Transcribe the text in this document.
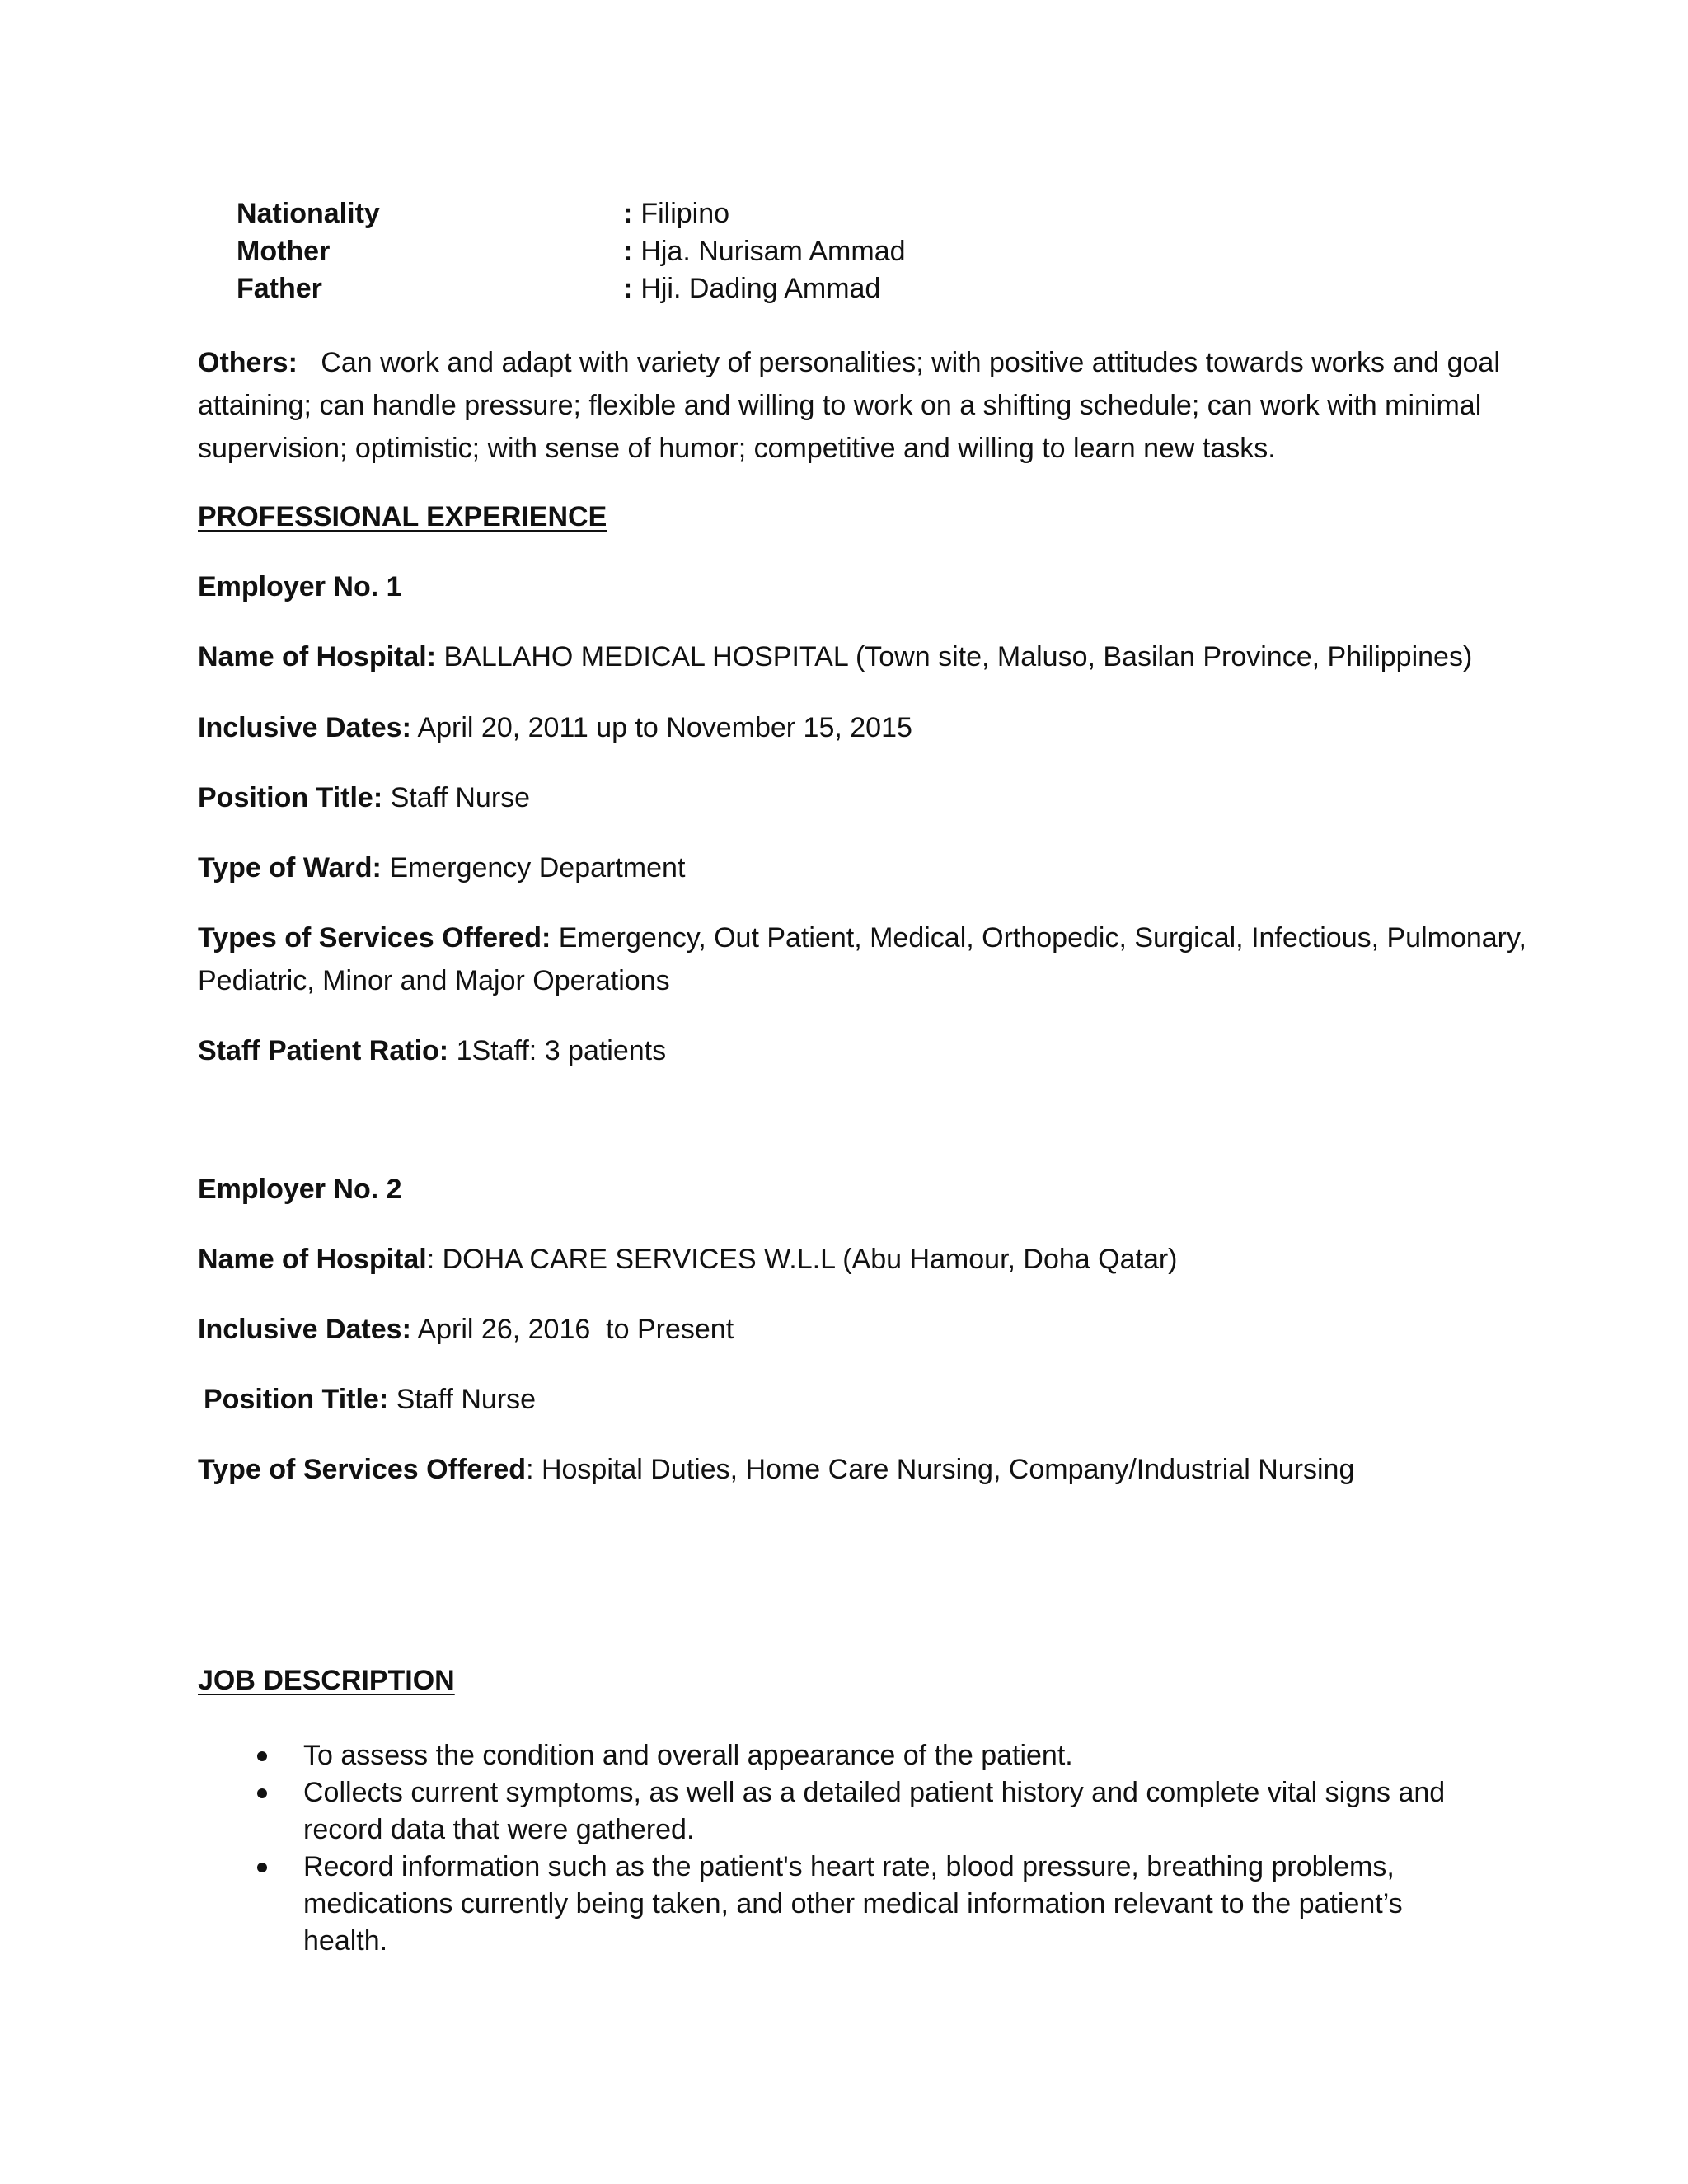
Nationality	: Filipino
Mother	: Hja. Nurisam Ammad
Father	: Hji. Dading Ammad
Others: Can work and adapt with variety of personalities; with positive attitudes towards works and goal attaining; can handle pressure; flexible and willing to work on a shifting schedule; can work with minimal supervision; optimistic; with sense of humor; competitive and willing to learn new tasks.
PROFESSIONAL EXPERIENCE
Employer No. 1
Name of Hospital: BALLAHO MEDICAL HOSPITAL (Town site, Maluso, Basilan Province, Philippines)
Inclusive Dates: April 20, 2011 up to November 15, 2015
Position Title: Staff Nurse
Type of Ward: Emergency Department
Types of Services Offered: Emergency, Out Patient, Medical, Orthopedic, Surgical, Infectious, Pulmonary,
Pediatric, Minor and Major Operations
Staff Patient Ratio: 1Staff: 3 patients
Employer No. 2
Name of Hospital: DOHA CARE SERVICES W.L.L (Abu Hamour, Doha Qatar)
Inclusive Dates: April 26, 2016  to Present
Position Title: Staff Nurse
Type of Services Offered: Hospital Duties, Home Care Nursing, Company/Industrial Nursing
JOB DESCRIPTION
To assess the condition and overall appearance of the patient.
Collects current symptoms, as well as a detailed patient history and complete vital signs and record data that were gathered.
Record information such as the patient's heart rate, blood pressure, breathing problems, medications currently being taken, and other medical information relevant to the patient’s health.
